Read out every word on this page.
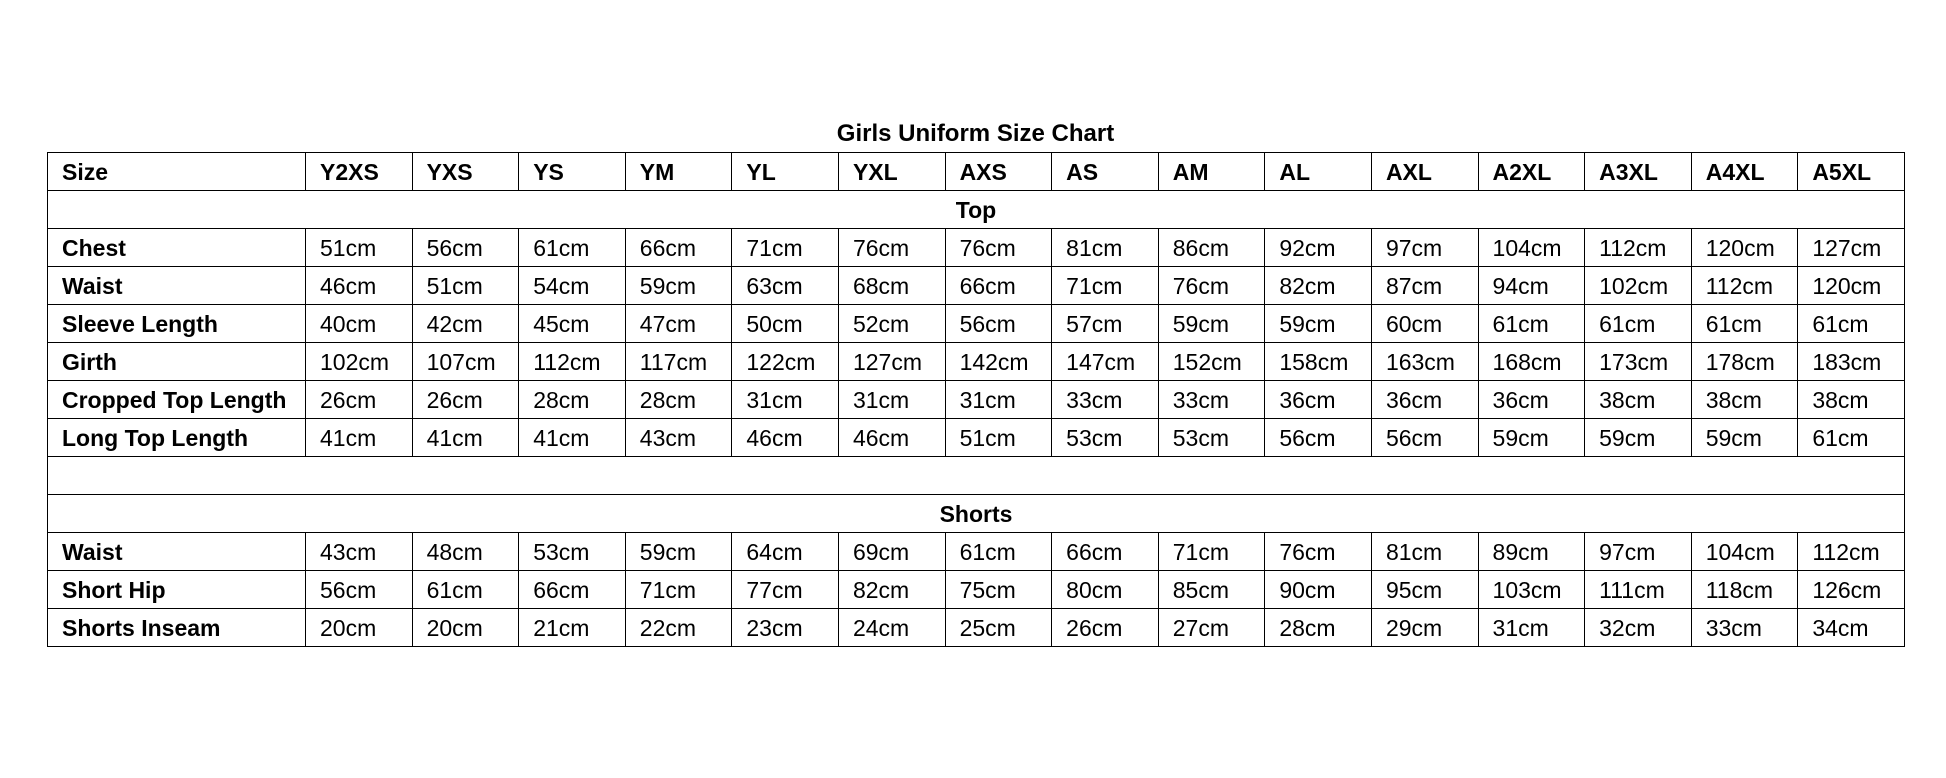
Girls Uniform Size Chart
Size	Y2XS	YXS	YS	YM	YL	YXL	AXS	AS	AM	AL	AXL	A2XL	A3XL	A4XL	A5XL
Top															
Chest	51cm	56cm	61cm	66cm	71cm	76cm	76cm	81cm	86cm	92cm	97cm	104cm	112cm	120cm	127cm
Waist	46cm	51cm	54cm	59cm	63cm	68cm	66cm	71cm	76cm	82cm	87cm	94cm	102cm	112cm	120cm
Sleeve Length	40cm	42cm	45cm	47cm	50cm	52cm	56cm	57cm	59cm	59cm	60cm	61cm	61cm	61cm	61cm
Girth	102cm	107cm	112cm	117cm	122cm	127cm	142cm	147cm	152cm	158cm	163cm	168cm	173cm	178cm	183cm
Cropped Top Length	26cm	26cm	28cm	28cm	31cm	31cm	31cm	33cm	33cm	36cm	36cm	36cm	38cm	38cm	38cm
Long Top Length	41cm	41cm	41cm	43cm	46cm	46cm	51cm	53cm	53cm	56cm	56cm	59cm	59cm	59cm	61cm

Shorts															
Waist	43cm	48cm	53cm	59cm	64cm	69cm	61cm	66cm	71cm	76cm	81cm	89cm	97cm	104cm	112cm
Short Hip	56cm	61cm	66cm	71cm	77cm	82cm	75cm	80cm	85cm	90cm	95cm	103cm	111cm	118cm	126cm
Shorts Inseam	20cm	20cm	21cm	22cm	23cm	24cm	25cm	26cm	27cm	28cm	29cm	31cm	32cm	33cm	34cm
